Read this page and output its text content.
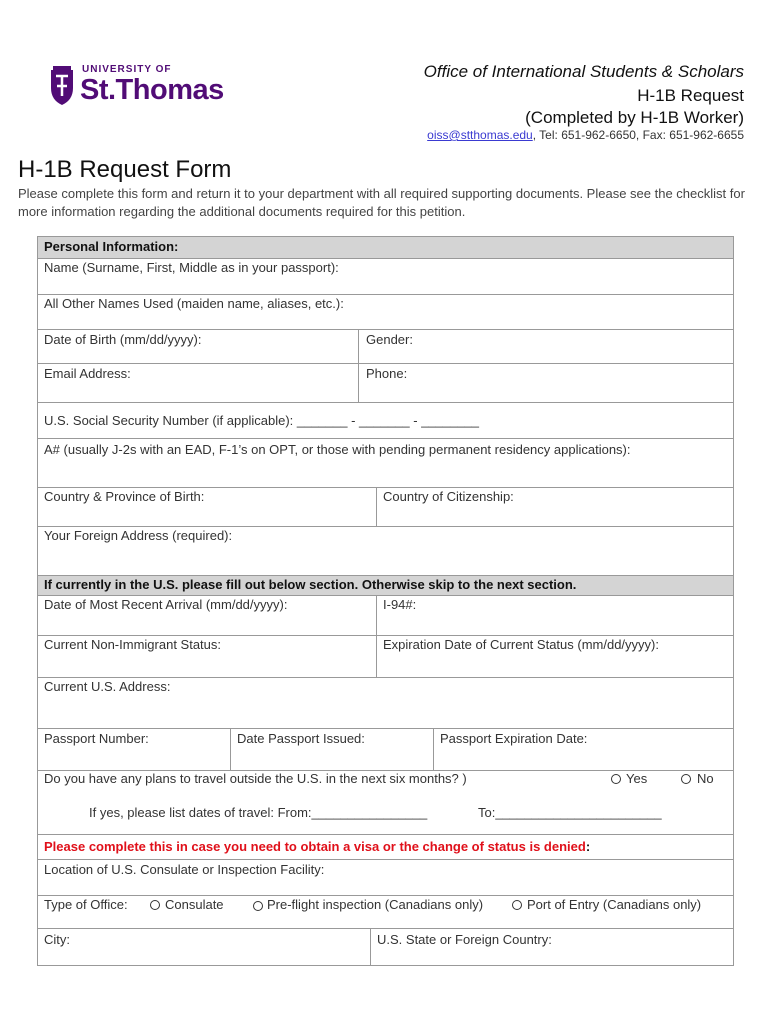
UNIVERSITY OF
St.Thomas
Office of International Students & Scholars
H-1B Request
(Completed by H-1B Worker)
oiss@stthomas.edu, Tel: 651-962-6650, Fax: 651-962-6655
H-1B Request Form
Please complete this form and return it to your department with all required supporting documents. Please see the checklist for more information regarding the additional documents required for this petition.
Personal Information:
Name (Surname, First, Middle as in your passport):
All Other Names Used (maiden name, aliases, etc.):
Date of Birth (mm/dd/yyyy):	Gender:
Email Address:	Phone:
U.S. Social Security Number (if applicable): _______ - _______ - ________
A# (usually J-2s with an EAD, F-1’s on OPT, or those with pending permanent residency applications):
Country & Province of Birth:	Country of Citizenship:
Your Foreign Address (required):
If currently in the U.S. please fill out below section. Otherwise skip to the next section.
Date of Most Recent Arrival (mm/dd/yyyy):	I-94#:
Current Non-Immigrant Status:	Expiration Date of Current Status (mm/dd/yyyy):
Current U.S. Address:
Passport Number:	Date Passport Issued:	Passport Expiration Date:
Do you have any plans to travel outside the U.S. in the next six months? )	Yes	No
If yes, please list dates of travel: From:________________	To:_______________________
Please complete this in case you need to obtain a visa or the change of status is denied:
Location of U.S. Consulate or Inspection Facility:
Type of Office:	Consulate	Pre-flight inspection (Canadians only)	Port of Entry (Canadians only)
City:	U.S. State or Foreign Country:
